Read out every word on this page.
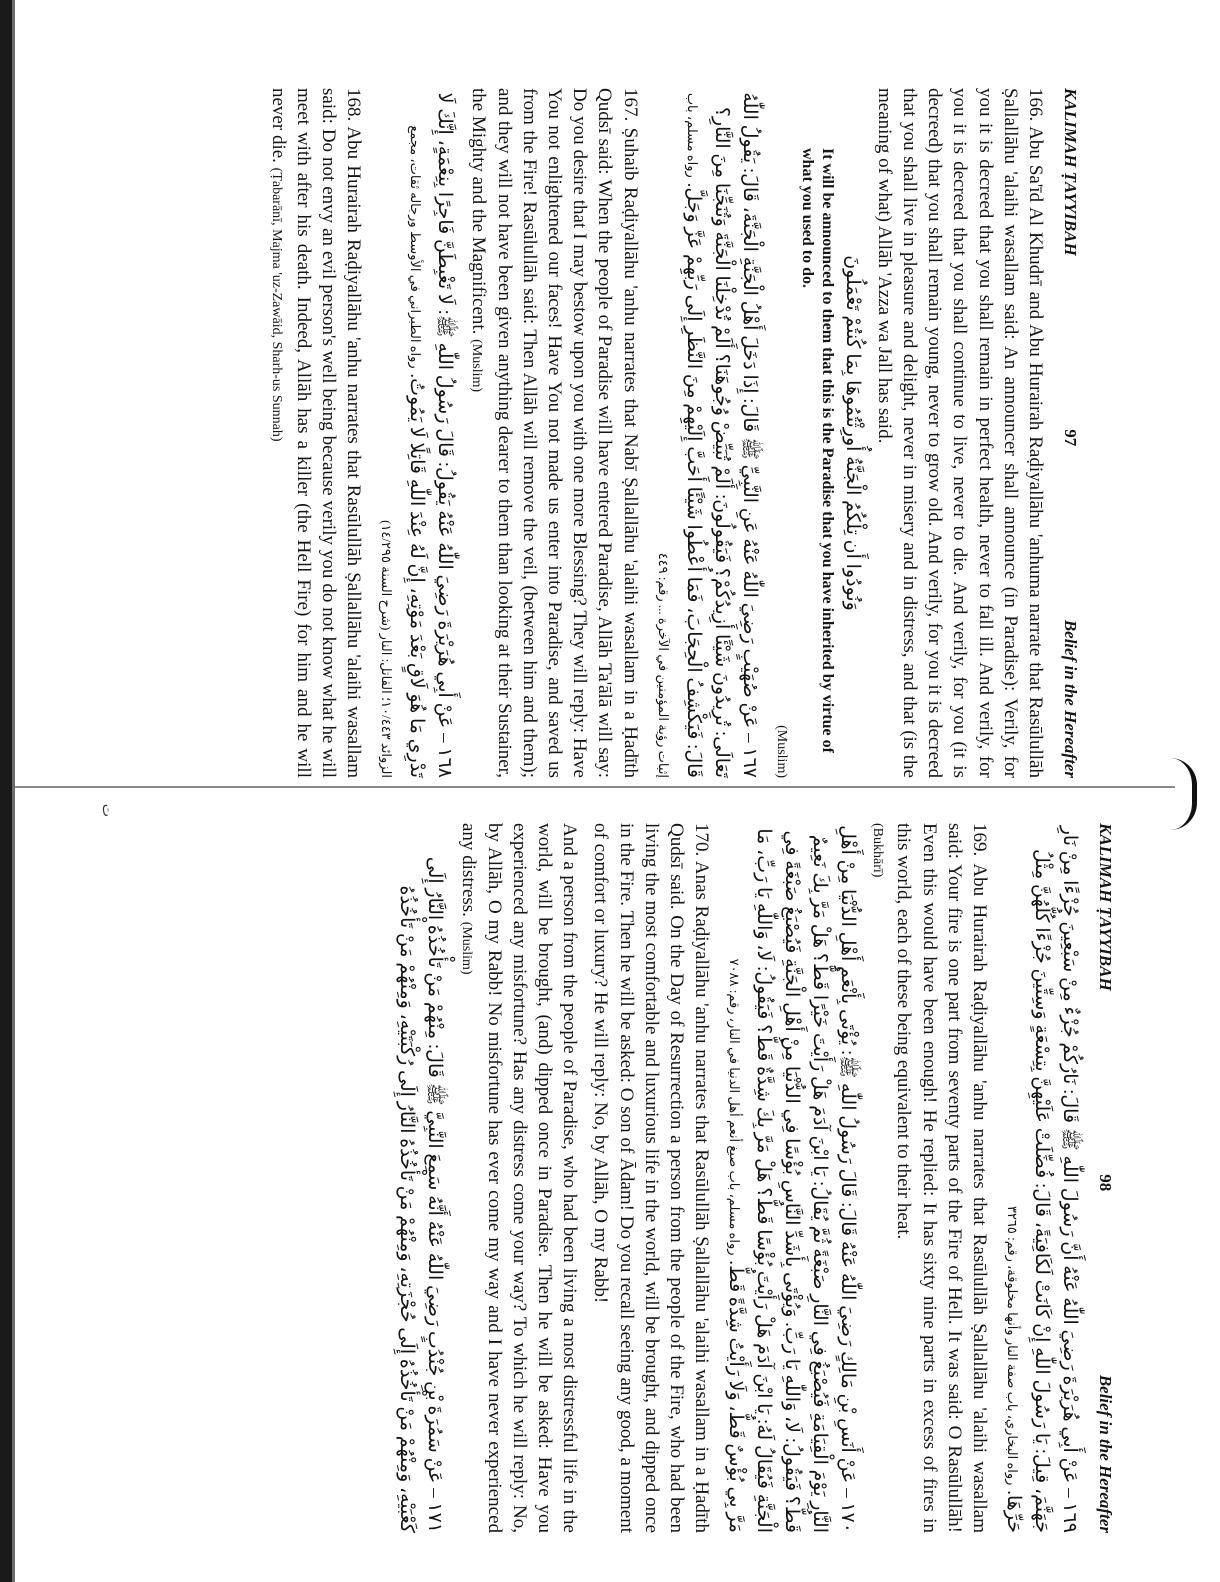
ت
KALIMAH ṬAYYIBAH
97
Belief in the Hereafter

166. Abu Sa'īd Al Khudrī and Abu Hurairah Raḍiyallāhu 'anhuma narrate that Rasūlullāh Ṣallallāhu 'alaihi wasallam said: An announcer shall announce (in Paradise): Verily, for you it is decreed that you shall remain in perfect health, never to fall ill. And verily, for you it is decreed that you shall continue to live, never to die. And verily, for you (it is decreed) that you shall remain young, never to grow old. And verily, for you it is decreed that you shall live in pleasure and delight, never in misery and in distress, and that (is the meaning of what) Allāh 'Azza wa Jall has said.

وَنُودُوا أَن تِلْكُمُ الْجَنَّةُ أُورِثْتُمُوهَا بِمَا كُنتُمْ تَعْمَلُونَ

It will be announced to them that this is the Paradise that you have inherited by virtue of what you used to do.

(Muslim)

١٦٧ – عَنْ صُهَيْبٍ رَضِيَ اللّٰهُ عَنْهُ عَنِ النَّبِيِّ ﷺ قَالَ: إِذَا دَخَلَ أَهْلُ الْجَنَّةِ الْجَنَّةَ، قَالَ: يَقُولُ اللّٰهُ تَعَالَى: تُرِيدُونَ شَيْئًا أَزِيدُكُمْ؟ فَيَقُولُونَ: أَلَمْ تُبَيِّضْ وُجُوهَنَا؟ أَلَمْ تُدْخِلْنَا الْجَنَّةَ وَتُنَجِّنَا مِنَ النَّارِ؟ قَالَ: فَيَكْشِفُ الْحِجَابَ، فَمَا أُعْطُوا شَيْئًا أَحَبَّ إِلَيْهِمْ مِنَ النَّظَرِ إِلَى رَبِّهِمْ عَزَّ وَجَلَّ. رواه مسلم، باب إثبات رؤية المؤمنين في الآخرة ... رقم: ٤٤٩

167. Ṣuhaib Raḍiyallāhu 'anhu narrates that Nabī Ṣallallāhu 'alaihi wasallam in a Ḥadīth Qudsī said: When the people of Paradise will have entered Paradise, Allāh Ta'ālā will say: Do you desire that I may bestow upon you with one more Blessing? They will reply: Have You not enlightened our faces! Have You not made us enter into Paradise, and saved us from the Fire! Rasūlullāh said: Then Allāh will remove the veil, (between him and them); and they will not have been given anything dearer to them than looking at their Sustainer, the Mighty and the Magnificent. (Muslim)

١٦٨ – عَنْ أَبِي هُرَيْرَةَ رَضِيَ اللّٰهُ عَنْهُ يَقُولُ: قَالَ رَسُولُ اللّٰهِ ﷺ: لَا تَغْبِطَنَّ فَاجِرًا بِنِعْمَةٍ، إِنَّكَ لَا تَدْرِي مَا هُوَ لَاقٍ بَعْدَ مَوْتِهِ، إِنَّ لَهُ عِنْدَ اللّٰهِ قَاتِلًا لَا يَمُوتُ. رواه الطبراني في الأوسط ورجاله ثقات، مجمع الزوائد ١٠/٤٤٣؛ القاتل: النار (شرح السنة ١٤/٢٩٥)

168. Abu Hurairah Raḍiyallāhu 'anhu narrates that Rasūlullāh Ṣallallāhu 'alaihi wasallam said: Do not envy an evil person's well being because verily you do not know what he will meet with after his death. Indeed, Allāh has a killer (the Hell Fire) for him and he will never die. (Ṭabarānī, Majma 'uz-Zawāid, Sharh-us Sunnah)

KALIMAH ṬAYYIBAH
98
Belief in the Hereafter

١٦٩ – عَنْ أَبِي هُرَيْرَةَ رَضِيَ اللّٰهُ عَنْهُ أَنَّ رَسُولَ اللّٰهِ ﷺ قَالَ: نَارُكُمْ جُزْءٌ مِنْ سَبْعِينَ جُزْءًا مِنْ نَارِ جَهَنَّمَ، قِيلَ: يَا رَسُولَ اللّٰهِ إِنْ كَانَتْ لَكَافِيَةً، قَالَ: فُضِّلَتْ عَلَيْهِنَّ بِتِسْعَةٍ وَسِتِّينَ جُزْءًا كُلُّهُنَّ مِثْلُ حَرِّهَا. رواه البخاري، باب صفة النار وأنها مخلوقة، رقم: ٣٢٦٥

169. Abu Hurairah Raḍiyallāhu 'anhu narrates that Rasūlullāh Ṣallallāhu 'alaihi wasallam said: Your fire is one part from seventy parts of the Fire of Hell. It was said: O Rasūlullāh! Even this would have been enough! He replied: It has sixty nine parts in excess of fires in this world, each of these being equivalent to their heat.

(Bukhārī)

١٧٠ – عَنْ أَنَسِ بْنِ مَالِكٍ رَضِيَ اللّٰهُ عَنْهُ قَالَ: قَالَ رَسُولُ اللّٰهِ ﷺ: يُؤْتَى بِأَنْعَمِ أَهْلِ الدُّنْيَا مِنْ أَهْلِ النَّارِ يَوْمَ الْقِيَامَةِ فَيُصْبَغُ فِي النَّارِ صَبْغَةً ثُمَّ يُقَالُ: يَا ابْنَ آدَمَ هَلْ رَأَيْتَ خَيْرًا قَطُّ؟ هَلْ مَرَّ بِكَ نَعِيمٌ قَطُّ؟ فَيَقُولُ: لَا، وَاللّٰهِ يَا رَبِّ. وَيُؤْتَى بِأَشَدِّ النَّاسِ بُؤْسًا فِي الدُّنْيَا مِنْ أَهْلِ الْجَنَّةِ فَيُصْبَغُ صَبْغَةً فِي الْجَنَّةِ فَيُقَالُ لَهُ: يَا ابْنَ آدَمَ هَلْ رَأَيْتَ بُؤْسًا قَطُّ؟ هَلْ مَرَّ بِكَ شِدَّةٌ قَطُّ؟ فَيَقُولُ: لَا، وَاللّٰهِ يَا رَبِّ، مَا مَرَّ بِي بُؤْسٌ قَطُّ، وَلَا رَأَيْتُ شِدَّةً قَطُّ. رواه مسلم، باب صبغ أنعم أهل الدنيا في النار، رقم: ٧٠٨٨

170. Anas Raḍiyallāhu 'anhu narrates that Rasūlullāh Ṣallallāhu 'alaihi wasallam in a Ḥadīth Qudsī said. On the Day of Resurrection a person from the people of the Fire, who had been living the most comfortable and luxurious life in the world, will be brought, and dipped once in the Fire. Then he will be asked: O son of Ādam! Do you recall seeing any good, a moment of comfort or luxury? He will reply: No, by Allāh, O my Rabb!

And a person from the people of Paradise, who had been living a most distressful life in the world, will be brought, (and) dipped once in Paradise. Then he will be asked: Have you experienced any misfortune? Has any distress come your way? To which he will reply: No, by Allāh, O my Rabb! No misfortune has ever come my way and I have never experienced any distress. (Muslim)

١٧١ – عَنْ سَمُرَةَ بْنِ جُنْدُبٍ رَضِيَ اللّٰهُ عَنْهُ أَنَّهُ سَمِعَ النَّبِيَّ ﷺ قَالَ: مِنْهُمْ مَنْ تَأْخُذُهُ النَّارُ إِلَى كَعْبَيْهِ، وَمِنْهُمْ مَنْ تَأْخُذُهُ إِلَى حُجْزَتِهِ، وَمِنْهُمْ مَنْ تَأْخُذُهُ النَّارُ إِلَى رُكْبَتَيْهِ، وَمِنْهُمْ مَنْ تَأْخُذُهُ
